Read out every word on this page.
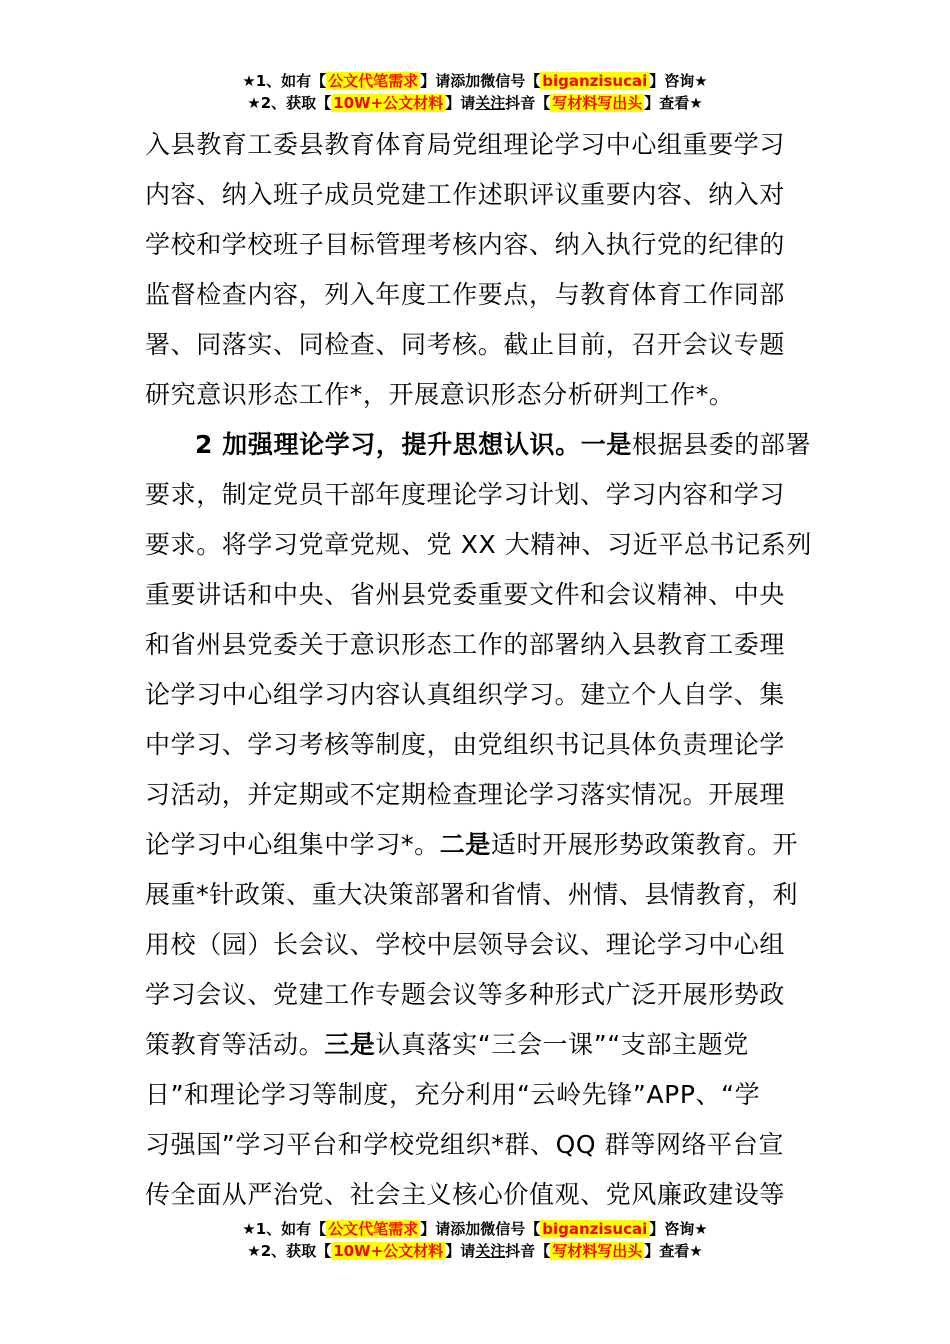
★1、如有【 公文代笔需求 】请添加微信号【 biganzisucai 】咨询★
★2、获取【 10W+公文材料 】请关注抖音【 写材料写出头 】查看★
入县教育工委县教育体育局党组理论学习中心组重要学习
内容、纳入班子成员党建工作述职评议重要内容、纳入对
学校和学校班子目标管理考核内容、纳入执行党的纪律的
监督检查内容，列入年度工作要点，与教育体育工作同部
署、同落实、同检查、同考核。截止目前，召开会议专题
研究意识形态工作*，开展意识形态分析研判工作*。
2 加强理论学习，提升思想认识。一是根据县委的部署
要求，制定党员干部年度理论学习计划、学习内容和学习
要求。将学习党章党规、党 XX 大精神、习近平总书记系列
重要讲话和中央、省州县党委重要文件和会议精神、中央
和省州县党委关于意识形态工作的部署纳入县教育工委理
论学习中心组学习内容认真组织学习。建立个人自学、集
中学习、学习考核等制度，由党组织书记具体负责理论学
习活动，并定期或不定期检查理论学习落实情况。开展理
论学习中心组集中学习*。二是适时开展形势政策教育。开
展重*针政策、重大决策部署和省情、州情、县情教育，利
用校（园）长会议、学校中层领导会议、理论学习中心组
学习会议、党建工作专题会议等多种形式广泛开展形势政
策教育等活动。三是认真落实“三会一课”“支部主题党
日”和理论学习等制度，充分利用“云岭先锋”APP、“学
习强国”学习平台和学校党组织*群、QQ 群等网络平台宣
传全面从严治党、社会主义核心价值观、党风廉政建设等
★1、如有【 公文代笔需求 】请添加微信号【 biganzisucai 】咨询★
★2、获取【 10W+公文材料 】请关注抖音【 写材料写出头 】查看★
